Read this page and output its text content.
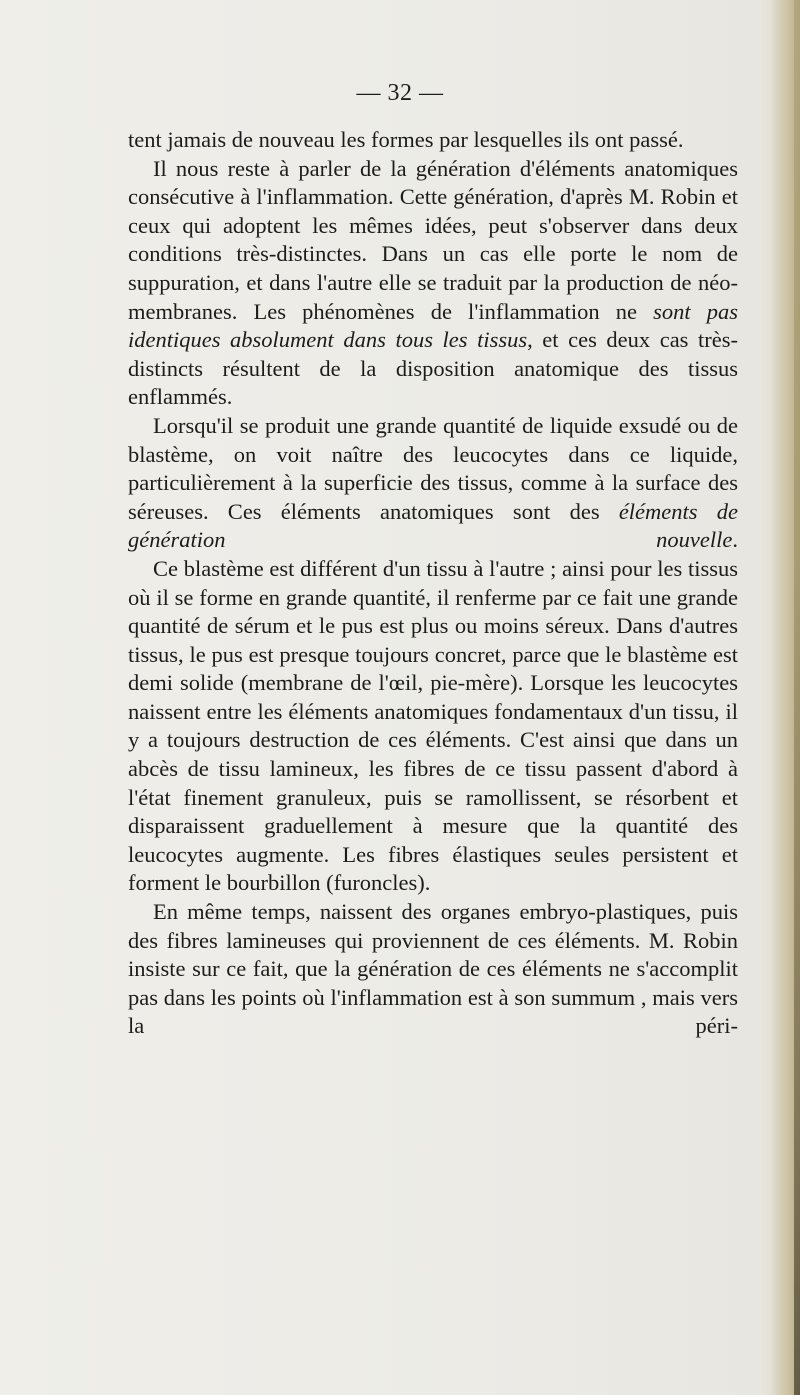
— 32 —

tent jamais de nouveau les formes par lesquelles ils ont passé.

Il nous reste à parler de la génération d'éléments anatomiques consécutive à l'inflammation. Cette génération, d'après M. Robin et ceux qui adoptent les mêmes idées, peut s'observer dans deux conditions très-distinctes. Dans un cas elle porte le nom de suppuration, et dans l'autre elle se traduit par la production de néo-membranes. Les phénomènes de l'inflammation ne sont pas identiques absolument dans tous les tissus, et ces deux cas très-distincts résultent de la disposition anatomique des tissus enflammés.

Lorsqu'il se produit une grande quantité de liquide exsudé ou de blastème, on voit naître des leucocytes dans ce liquide, particulièrement à la superficie des tissus, comme à la surface des séreuses. Ces éléments anatomiques sont des éléments de génération nouvelle.

Ce blastème est différent d'un tissu à l'autre ; ainsi pour les tissus où il se forme en grande quantité, il renferme par ce fait une grande quantité de sérum et le pus est plus ou moins séreux. Dans d'autres tissus, le pus est presque toujours concret, parce que le blastème est demi solide (membrane de l'œil, pie-mère). Lorsque les leucocytes naissent entre les éléments anatomiques fondamentaux d'un tissu, il y a toujours destruction de ces éléments. C'est ainsi que dans un abcès de tissu lamineux, les fibres de ce tissu passent d'abord à l'état finement granuleux, puis se ramollissent, se résorbent et disparaissent graduellement à mesure que la quantité des leucocytes augmente. Les fibres élastiques seules persistent et forment le bourbillon (furoncles).

En même temps, naissent des organes embryo-plastiques, puis des fibres lamineuses qui proviennent de ces éléments. M. Robin insiste sur ce fait, que la génération de ces éléments ne s'accomplit pas dans les points où l'inflammation est à son summum , mais vers la péri-
